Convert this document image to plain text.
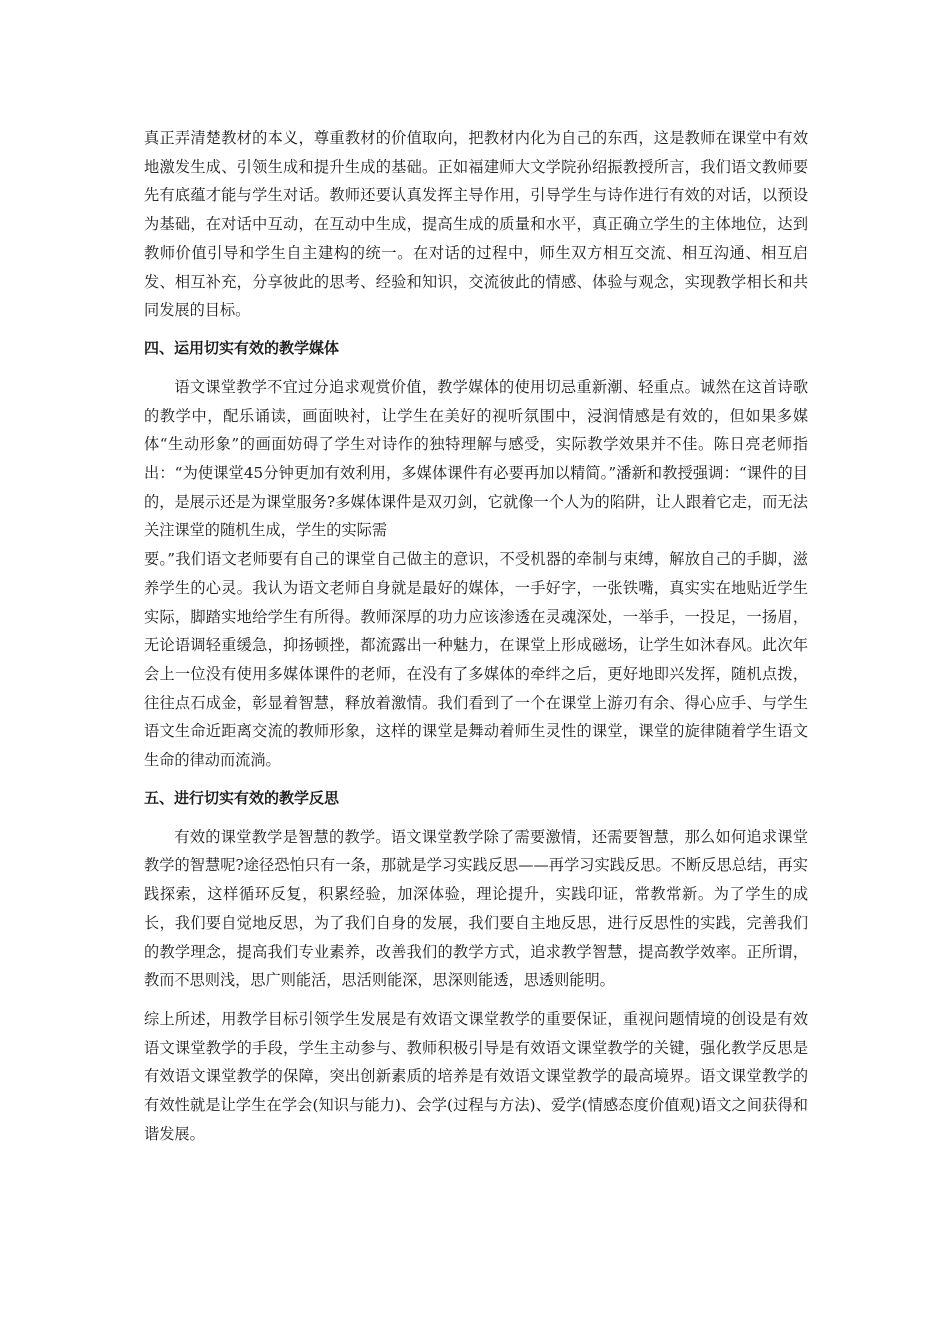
真正弄清楚教材的本义，尊重教材的价值取向，把教材内化为自己的东西，这是教师在课堂中有效地激发生成、引领生成和提升生成的基础。正如福建师大文学院孙绍振教授所言，我们语文教师要先有底蕴才能与学生对话。教师还要认真发挥主导作用，引导学生与诗作进行有效的对话，以预设为基础，在对话中互动，在互动中生成，提高生成的质量和水平，真正确立学生的主体地位，达到教师价值引导和学生自主建构的统一。在对话的过程中，师生双方相互交流、相互沟通、相互启发、相互补充，分享彼此的思考、经验和知识，交流彼此的情感、体验与观念，实现教学相长和共同发展的目标。

四、运用切实有效的教学媒体

语文课堂教学不宜过分追求观赏价值，教学媒体的使用切忌重新潮、轻重点。诚然在这首诗歌的教学中，配乐诵读，画面映衬，让学生在美好的视听氛围中，浸润情感是有效的，但如果多媒体“生动形象”的画面妨碍了学生对诗作的独特理解与感受，实际教学效果并不佳。陈日亮老师指出：“为使课堂45分钟更加有效利用，多媒体课件有必要再加以精简。”潘新和教授强调：“课件的目的，是展示还是为课堂服务?多媒体课件是双刃剑，它就像一个人为的陷阱，让人跟着它走，而无法关注课堂的随机生成，学生的实际需

要。”我们语文老师要有自己的课堂自己做主的意识，不受机器的牵制与束缚，解放自己的手脚，滋养学生的心灵。我认为语文老师自身就是最好的媒体，一手好字，一张铁嘴，真实实在地贴近学生实际，脚踏实地给学生有所得。教师深厚的功力应该渗透在灵魂深处，一举手，一投足，一扬眉，无论语调轻重缓急，抑扬顿挫，都流露出一种魅力，在课堂上形成磁场，让学生如沐春风。此次年会上一位没有使用多媒体课件的老师，在没有了多媒体的牵绊之后，更好地即兴发挥，随机点拨，往往点石成金，彰显着智慧，释放着激情。我们看到了一个在课堂上游刃有余、得心应手、与学生语文生命近距离交流的教师形象，这样的课堂是舞动着师生灵性的课堂，课堂的旋律随着学生语文生命的律动而流淌。

五、进行切实有效的教学反思

有效的课堂教学是智慧的教学。语文课堂教学除了需要激情，还需要智慧，那么如何追求课堂教学的智慧呢?途径恐怕只有一条，那就是学习实践反思——再学习实践反思。不断反思总结，再实践探索，这样循环反复，积累经验，加深体验，理论提升，实践印证，常教常新。为了学生的成长，我们要自觉地反思，为了我们自身的发展，我们要自主地反思，进行反思性的实践，完善我们的教学理念，提高我们专业素养，改善我们的教学方式，追求教学智慧，提高教学效率。正所谓，教而不思则浅，思广则能活，思活则能深，思深则能透，思透则能明。

综上所述，用教学目标引领学生发展是有效语文课堂教学的重要保证，重视问题情境的创设是有效语文课堂教学的手段，学生主动参与、教师积极引导是有效语文课堂教学的关键，强化教学反思是有效语文课堂教学的保障，突出创新素质的培养是有效语文课堂教学的最高境界。语文课堂教学的有效性就是让学生在学会(知识与能力)、会学(过程与方法)、爱学(情感态度价值观)语文之间获得和谐发展。
